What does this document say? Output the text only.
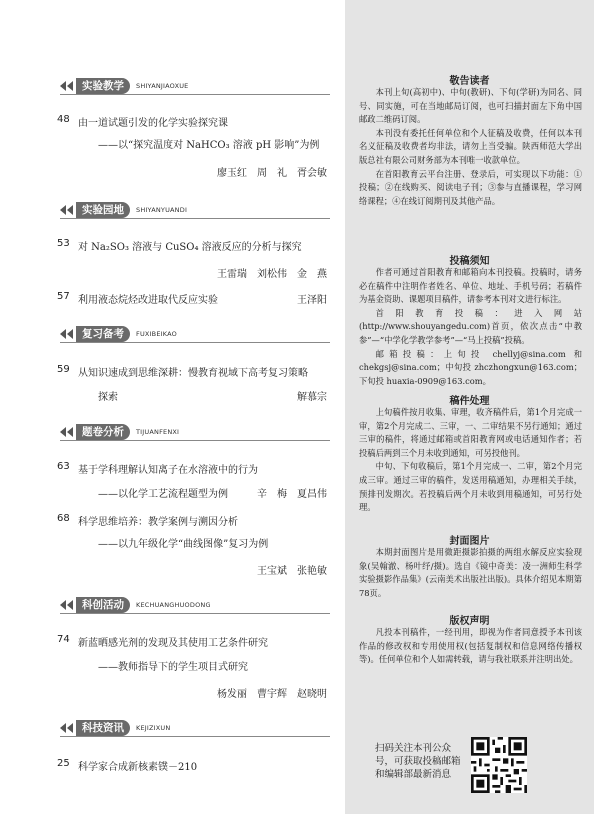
实验教学	SHIYANJIAOXUE
48 由一道试题引发的化学实验探究课
——以“探究温度对 NaHCO₃ 溶液 pH 影响”为例
廖玉红　周　礼　胥会敏
实验园地	SHIYANYUANDI
53 对 Na₂SO₃ 溶液与 CuSO₄ 溶液反应的分析与探究
王雷瑞　刘松伟　金　燕
57 利用液态烷烃改进取代反应实验	王泽阳
复习备考	FUXIBEIKAO
59 从知识速成到思维深耕：慢教育视域下高考复习策略
探索	解慕宗
题卷分析	TIJUANFENXI
63 基于学科理解认知离子在水溶液中的行为
——以化学工艺流程题型为例	辛　梅　夏昌伟
68 科学思维培养：教学案例与溯因分析
——以九年级化学“曲线图像”复习为例
王宝斌　张艳敏
科创活动	KECHUANGHUODONG
74 新蓝晒感光剂的发现及其使用工艺条件研究
——教师指导下的学生项目式研究
杨发丽　曹宇辉　赵晓明
科技资讯	KEJIZIXUN
25 科学家合成新核素镤－210
敬告读者

本刊上旬(高初中)、中旬(教研)、下旬(学研)为同名、同号、同实施，可在当地邮局订阅，也可扫描封面左下角中国邮政二维码订阅。

本刊没有委托任何单位和个人征稿及收费，任何以本刊名义征稿及收费者均非法，请勿上当受骗。陕西师范大学出版总社有限公司财务部为本刊唯一收款单位。

在首阳教育云平台注册、登录后，可实现以下功能：①投稿；②在线购买、阅读电子刊；③参与直播课程，学习网络课程；④在线订阅期刊及其他产品。

投稿须知

作者可通过首阳教育和邮箱向本刊投稿。投稿时，请务必在稿件中注明作者姓名、单位、地址、手机号码；若稿件为基金资助、课题项目稿件，请参考本刊对文进行标注。

首阳教育投稿：进入网站(http://www.shouyangedu.com)首页，依次点击“中教参”—“中学化学教学参考”—“马上投稿”投稿。

邮箱投稿：上旬投 chellyj@sina.com 和 chekgsj@sina.com；中旬投 zhczhongxun@163.com；下旬投 huaxia-0909@163.com。

稿件处理

上旬稿件按月收集、审理，收齐稿件后，第1个月完成一审，第2个月完成二、三审，一、二审结果不另行通知；通过三审的稿件，将通过邮箱或首阳教育网或电话通知作者；若投稿后两到三个月未收到通知，可另投他刊。

中旬、下旬收稿后，第1个月完成一、二审，第2个月完成三审。通过三审的稿件，发送用稿通知，办理相关手续，预排刊发期次。若投稿后两个月未收到用稿通知，可另行处理。

封面图片

本期封面图片是用微距摄影拍摄的两组水解反应实验现象(吴翰澈、杨叶纾/摄)。选自《镜中奇美：凌一洲师生科学实验摄影作品集》(云南美术出版社出版)。具体介绍见本期第78页。

版权声明

凡投本刊稿件，一经刊用，即视为作者同意授予本刊该作品的修改权和专用使用权(包括复制权和信息网络传播权等)。任何单位和个人如需转载，请与我社联系并注明出处。

扫码关注本刊公众号，可获取投稿邮箱和编辑部最新消息
